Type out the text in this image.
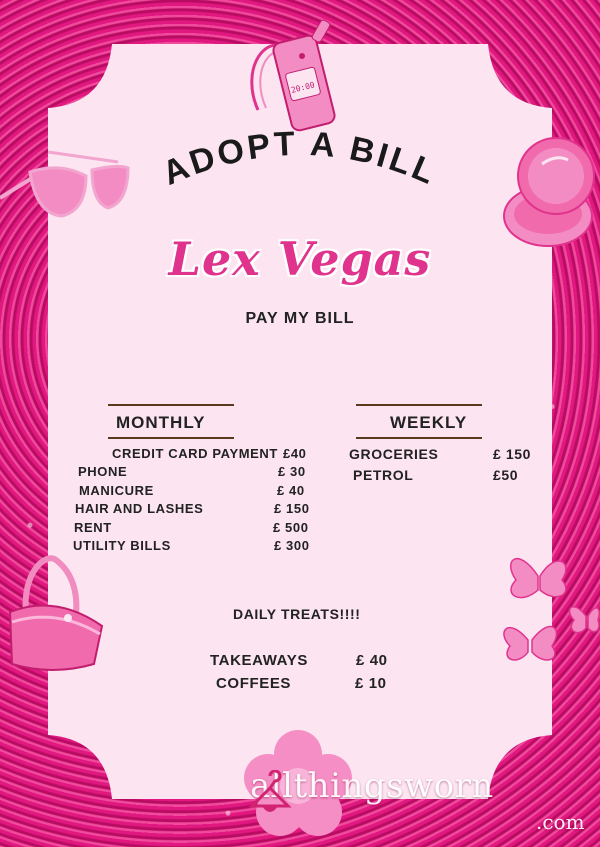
ADOPT A BILL
Lex Vegas
PAY MY BILL
MONTHLY
CREDIT CARD PAYMENT £40
PHONE	£ 30
MANICURE	£ 40
HAIR AND LASHES	£ 150
RENT	£ 500
UTILITY BILLS	£ 300
WEEKLY
GROCERIES	£ 150
PETROL	£50
DAILY TREATS!!!!
TAKEAWAYS	£ 40
COFFEES	£ 10
20:00
allthingsworn
.com
